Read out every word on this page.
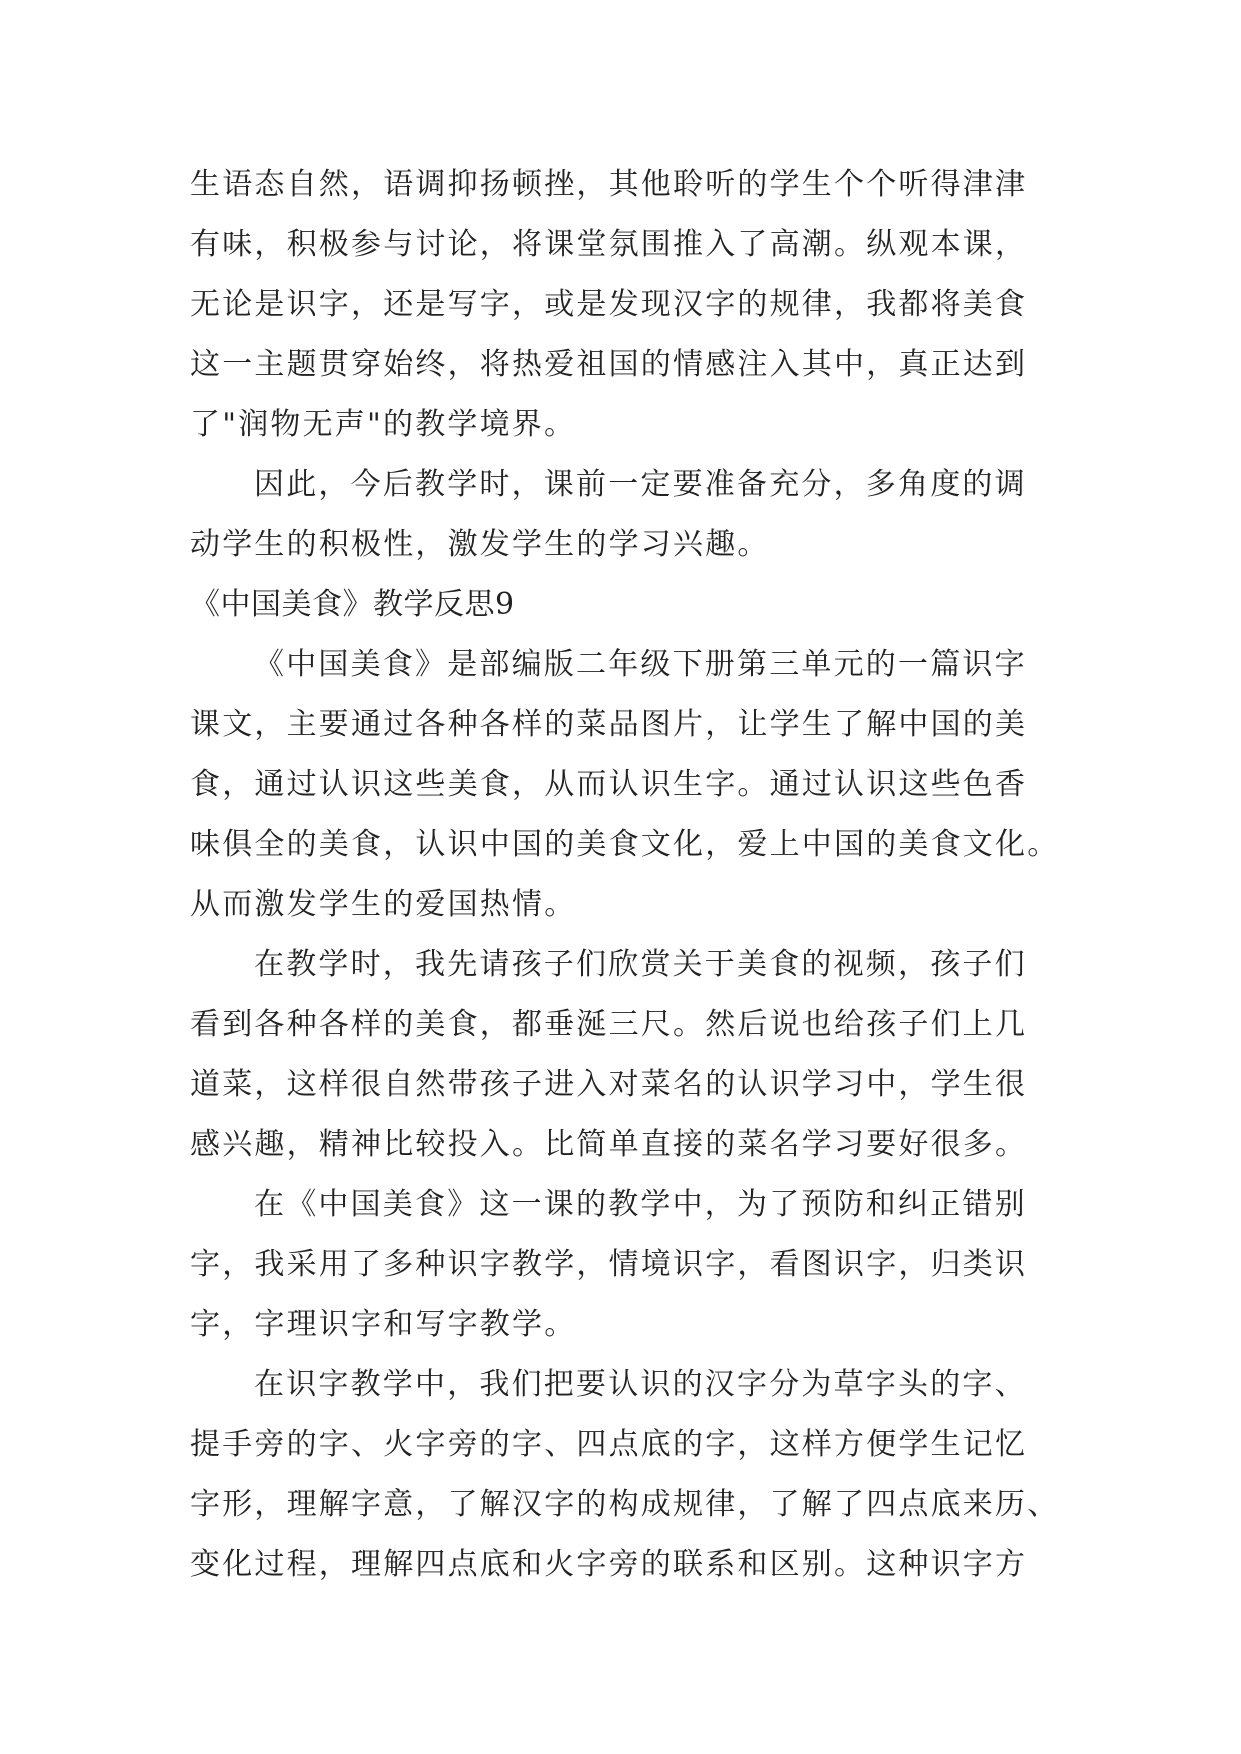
生语态自然，语调抑扬顿挫，其他聆听的学生个个听得津津
有味，积极参与讨论，将课堂氛围推入了高潮。纵观本课，
无论是识字，还是写字，或是发现汉字的规律，我都将美食
这一主题贯穿始终，将热爱祖国的情感注入其中，真正达到
了"润物无声"的教学境界。
因此，今后教学时，课前一定要准备充分，多角度的调
动学生的积极性，激发学生的学习兴趣。
《中国美食》教学反思9
《中国美食》是部编版二年级下册第三单元的一篇识字
课文，主要通过各种各样的菜品图片，让学生了解中国的美
食，通过认识这些美食，从而认识生字。通过认识这些色香
味俱全的美食，认识中国的美食文化，爱上中国的美食文化。
从而激发学生的爱国热情。
在教学时，我先请孩子们欣赏关于美食的视频，孩子们
看到各种各样的美食，都垂涎三尺。然后说也给孩子们上几
道菜，这样很自然带孩子进入对菜名的认识学习中，学生很
感兴趣，精神比较投入。比简单直接的菜名学习要好很多。
在《中国美食》这一课的教学中，为了预防和纠正错别
字，我采用了多种识字教学，情境识字，看图识字，归类识
字，字理识字和写字教学。
在识字教学中，我们把要认识的汉字分为草字头的字、
提手旁的字、火字旁的字、四点底的字，这样方便学生记忆
字形，理解字意，了解汉字的构成规律，了解了四点底来历、
变化过程，理解四点底和火字旁的联系和区别。这种识字方
